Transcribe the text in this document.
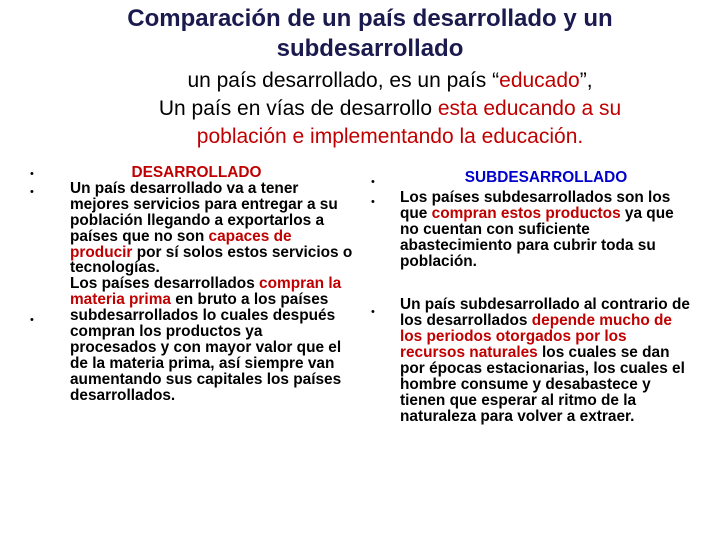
Comparación de un país desarrollado y un subdesarrollado
un país desarrollado, es un país “educado”,
Un país en vías de desarrollo esta educando a su
población e implementando la educación.
•
•
•
•
•
•
DESARROLLADO
Un país desarrollado va a tener mejores servicios para entregar a su población llegando a exportarlos a países que no son capaces de producir por sí solos estos servicios o tecnologías.
Los países desarrollados compran la materia prima en bruto a los países subdesarrollados lo cuales después compran los productos ya procesados y con mayor valor que el de la materia prima, así siempre van aumentando sus capitales los países desarrollados.
SUBDESARROLLADO
Los países subdesarrollados son los que compran estos productos ya que no cuentan con suficiente abastecimiento para cubrir toda su población.
Un país subdesarrollado al contrario de los desarrollados depende mucho de los periodos otorgados por los recursos naturales los cuales se dan por épocas estacionarias, los cuales el hombre consume y desabastece y tienen que esperar al ritmo de la naturaleza para volver a extraer.
